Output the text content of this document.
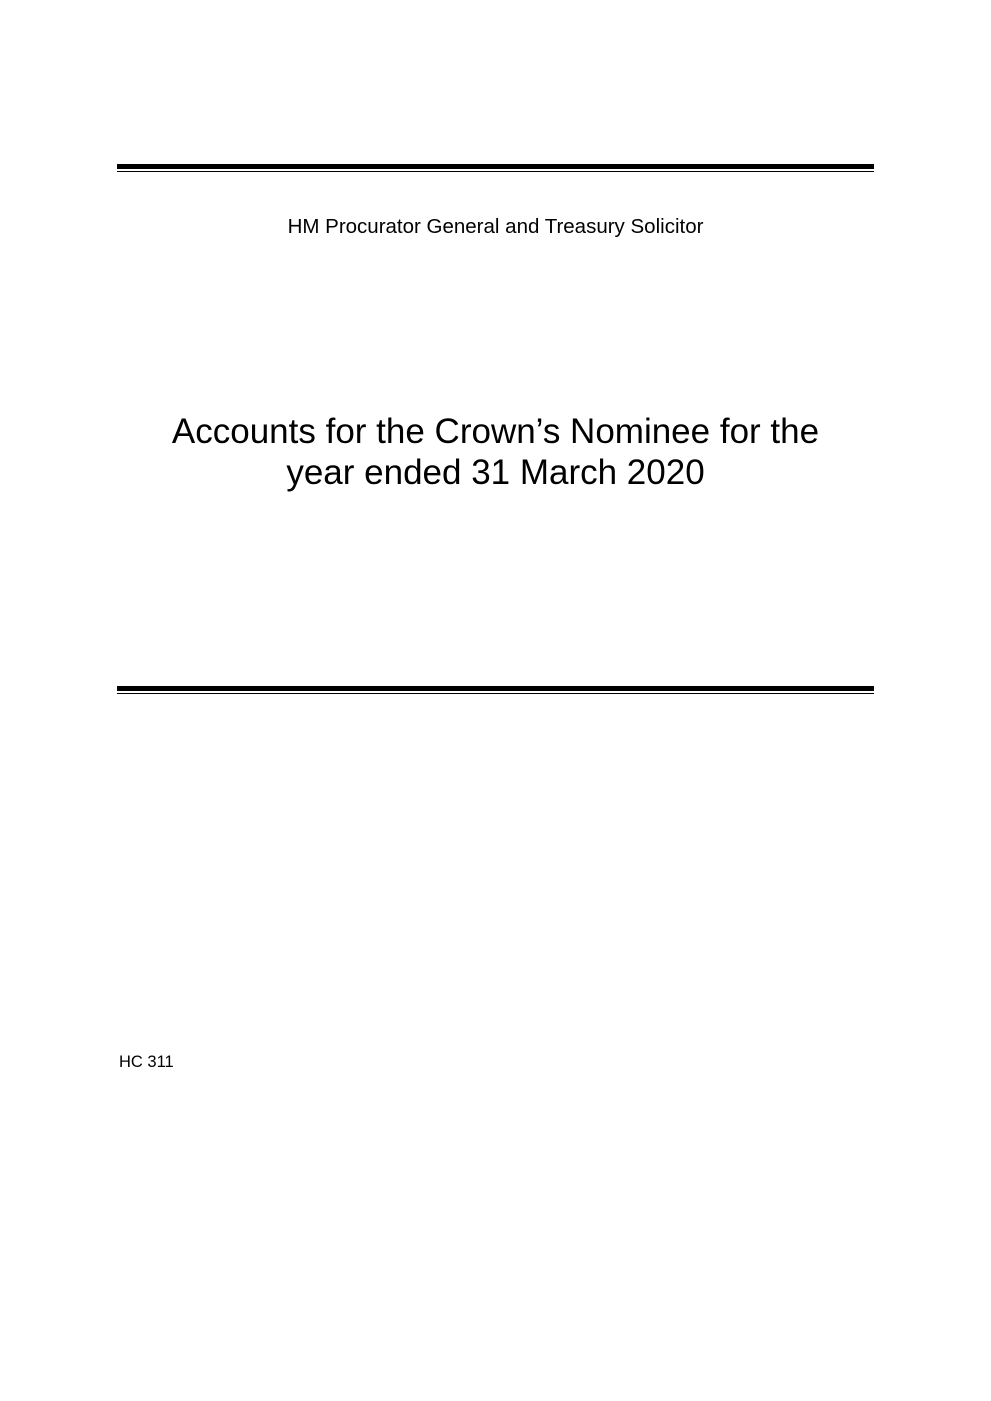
HM Procurator General and Treasury Solicitor
Accounts for the Crown’s Nominee for the
year ended 31 March 2020
HC 311
